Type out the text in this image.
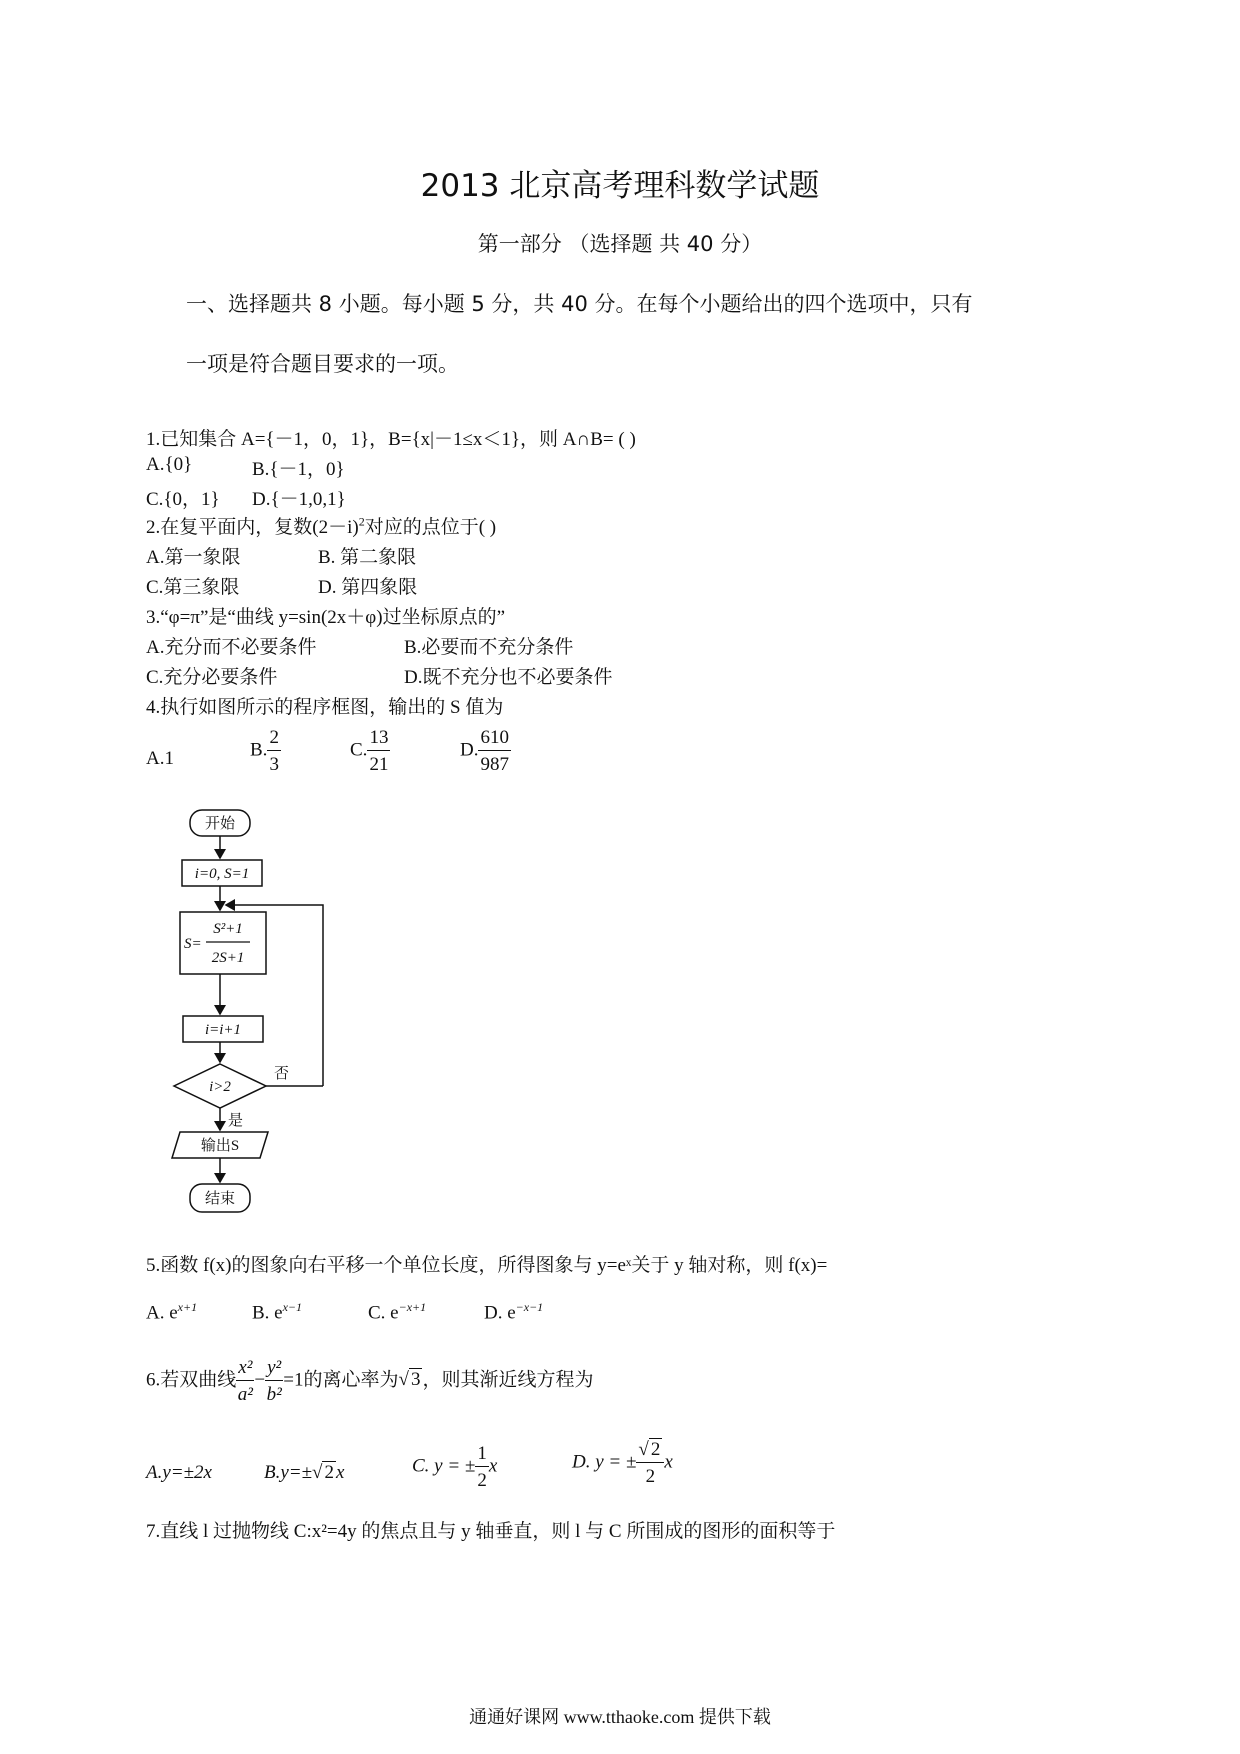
2013 北京高考理科数学试题
第一部分 （选择题 共 40 分）
一、选择题共 8 小题。每小题 5 分，共 40 分。在每个小题给出的四个选项中，只有
一项是符合题目要求的一项。
1.已知集合 A={－1，0，1}，B={x|－1≤x＜1}，则 A∩B= ( )
A.{0}	B.{－1，0}
C.{0，1} D.{－1,0,1}
2.在复平面内，复数$(2-i)^2$对应的点位于( )
A.第一象限	B. 第二象限
C.第三象限	D. 第四象限
3.“φ=π”是“曲线 y=sin(2x＋φ)过坐标原点的”
A.充分而不必要条件	B.必要而不充分条件
C.充分必要条件	D.既不充分也不必要条件
4.执行如图所示的程序框图，输出的 S 值为
A.1	B. $\frac{2}{3}$	C. $\frac{13}{21}$	D. $\frac{610}{987}$
开始
i=0, S=1
S=
S²+1
2S+1
i=i+1
i>2
否
是
输出S
结束
5.函数 f(x)的图象向右平移一个单位长度，所得图象与 y=eˣ关于 y 轴对称，则 f(x)=
A. $e^{x+1}$	B. $e^{x-1}$	C. $e^{-x+1}$	D. $e^{-x-1}$
6.若双曲线 $\frac{\text{x²}}{\text{a²}} - \frac{\text{y²}}{\text{b²}} =1$的离心率为√ 3 ，则其渐近线方程为
A.y=±2x	B.y=±√ 2 x	C. y = ± $\frac{1}{2}$ x	D. y = ± $\frac{√ 2}{2}$ x
7.直线 l 过抛物线 C:x²=4y 的焦点且与 y 轴垂直，则 l 与 C 所围成的图形的面积等于
通通好课网 www.tthaoke.com 提供下载
